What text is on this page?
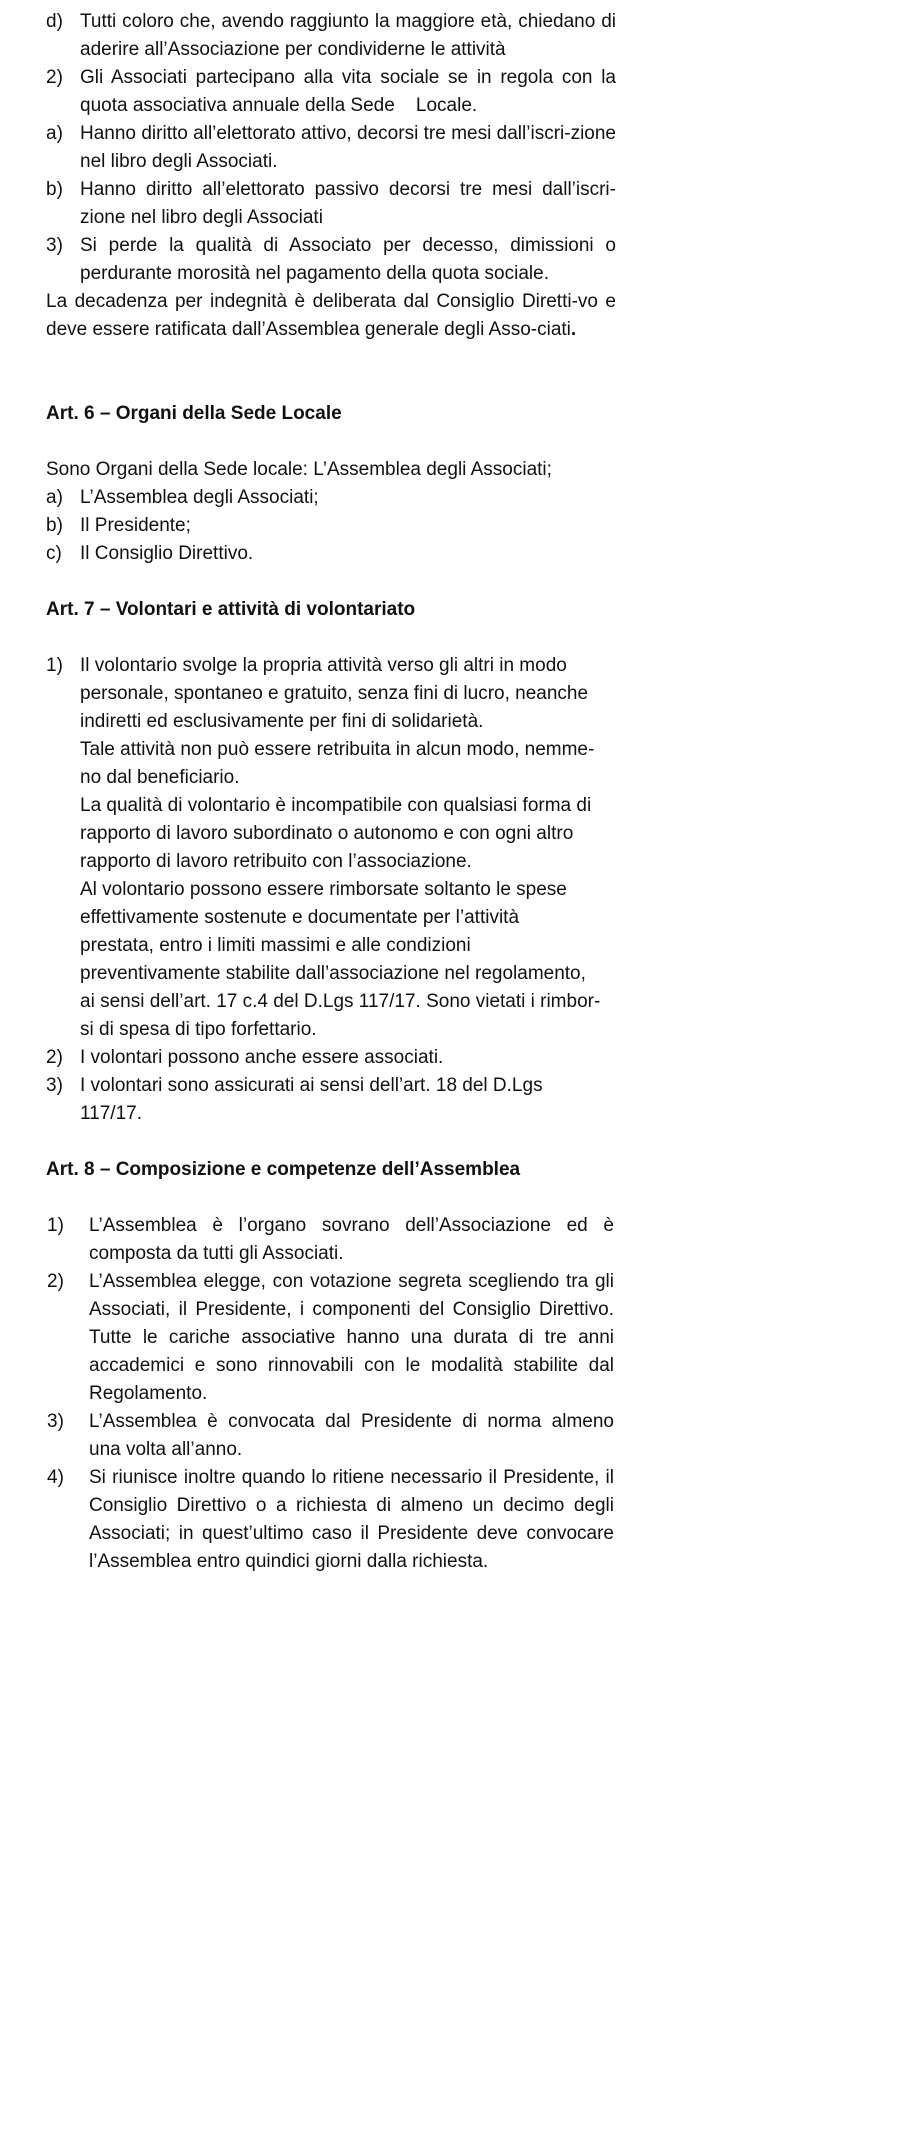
d) Tutti coloro che, avendo raggiunto la maggiore età, chiedano di aderire all’Associazione per condividerne le attività
2) Gli Associati partecipano alla vita sociale se in regola con la quota associativa annuale della Sede    Locale.
a) Hanno diritto all’elettorato attivo, decorsi tre mesi dall’iscri-zione nel libro degli Associati.
b) Hanno diritto all’elettorato passivo decorsi tre mesi dall’iscri-zione nel libro degli Associati
3) Si perde la qualità di Associato per decesso, dimissioni o perdurante morosità nel pagamento della quota sociale.
La decadenza per indegnità è deliberata dal Consiglio Diretti-vo e deve essere ratificata dall’Assemblea generale degli Asso-ciati.
Art. 6 – Organi della Sede Locale
Sono Organi della Sede locale: L’Assemblea degli Associati;
a) L’Assemblea degli Associati;
b) Il Presidente;
c) Il Consiglio Direttivo.
Art. 7 – Volontari e attività di volontariato
1) Il volontario svolge la propria attività verso gli altri in modo
personale, spontaneo e gratuito, senza fini di lucro, neanche
indiretti ed esclusivamente per fini di solidarietà.
Tale attività non può essere retribuita in alcun modo, nemme-
no dal beneficiario.
La qualità di volontario è incompatibile con qualsiasi forma di
rapporto di lavoro subordinato o autonomo e con ogni altro
rapporto di lavoro retribuito con l’associazione.
Al volontario possono essere rimborsate soltanto le spese
effettivamente sostenute e documentate per l’attività
prestata, entro i limiti massimi e alle condizioni
preventivamente stabilite dall’associazione nel regolamento,
ai sensi dell’art. 17 c.4 del D.Lgs 117/17. Sono vietati i rimbor-
si di spesa di tipo forfettario.
2) I volontari possono anche essere associati.
3) I volontari sono assicurati ai sensi dell’art. 18 del D.Lgs
117/17.
Art. 8 – Composizione e competenze dell’Assemblea
1) L’Assemblea è l’organo sovrano dell’Associazione ed è composta da tutti gli Associati.
2) L’Assemblea elegge, con votazione segreta scegliendo tra gli Associati, il Presidente, i componenti del Consiglio Direttivo. Tutte le cariche associative hanno una durata di tre anni accademici e sono rinnovabili con le modalità stabilite dal Regolamento.
3) L’Assemblea è convocata dal Presidente di norma almeno una volta all’anno.
4) Si riunisce inoltre quando lo ritiene necessario il Presidente, il Consiglio Direttivo o a richiesta di almeno un decimo degli Associati; in quest’ultimo caso il Presidente deve convocare l’Assemblea entro quindici giorni dalla richiesta.
